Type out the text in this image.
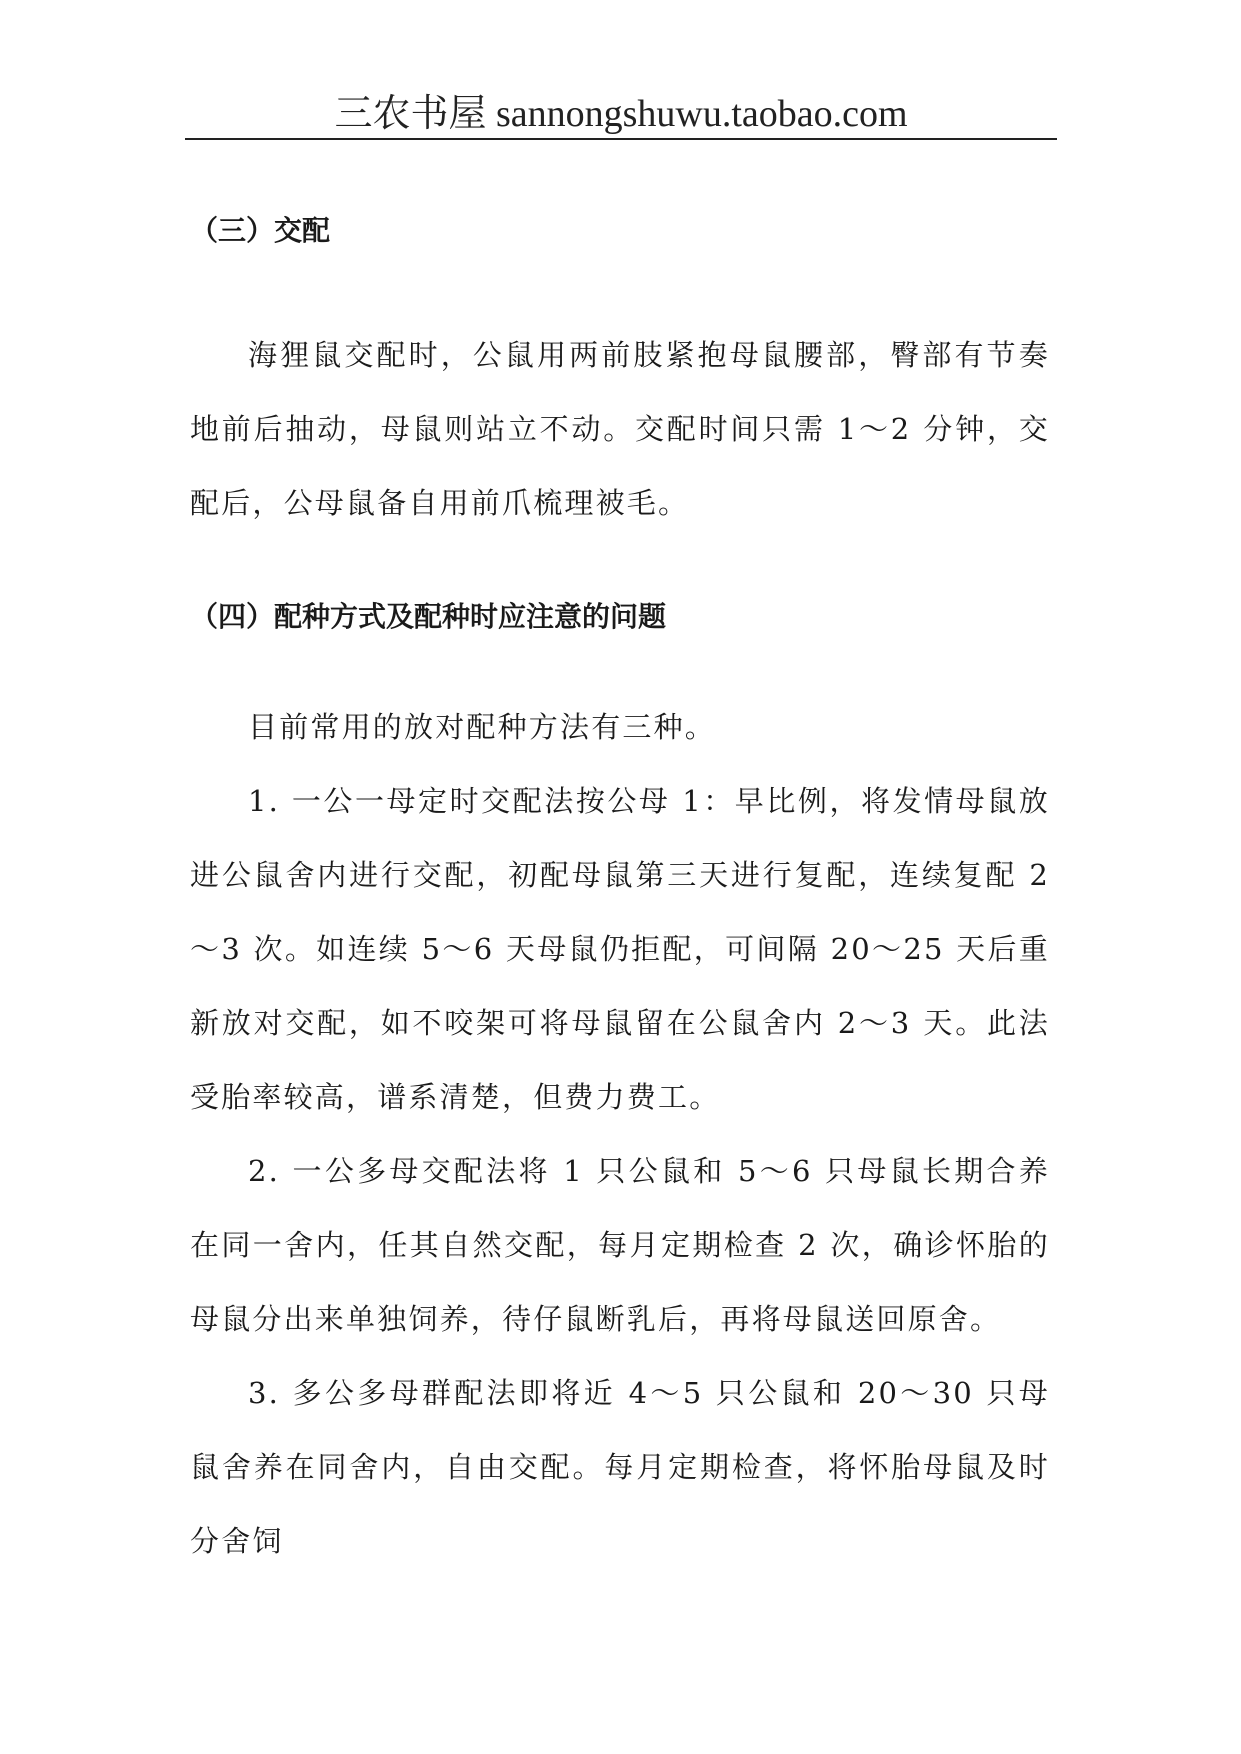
三农书屋 sannongshuwu.taobao.com

（三）交配

海狸鼠交配时，公鼠用两前肢紧抱母鼠腰部，臀部有节奏地前后抽动，母鼠则站立不动。交配时间只需 1～2 分钟，交配后，公母鼠备自用前爪梳理被毛。

（四）配种方式及配种时应注意的问题

目前常用的放对配种方法有三种。

1. 一公一母定时交配法按公母 1：早比例，将发情母鼠放进公鼠舍内进行交配，初配母鼠第三天进行复配，连续复配 2～3 次。如连续 5～6 天母鼠仍拒配，可间隔 20～25 天后重新放对交配，如不咬架可将母鼠留在公鼠舍内 2～3 天。此法受胎率较高，谱系清楚，但费力费工。

2. 一公多母交配法将 1 只公鼠和 5～6 只母鼠长期合养在同一舍内，任其自然交配，每月定期检查 2 次，确诊怀胎的母鼠分出来单独饲养，待仔鼠断乳后，再将母鼠送回原舍。

3. 多公多母群配法即将近 4～5 只公鼠和 20～30 只母鼠舍养在同舍内，自由交配。每月定期检查，将怀胎母鼠及时分舍饲
